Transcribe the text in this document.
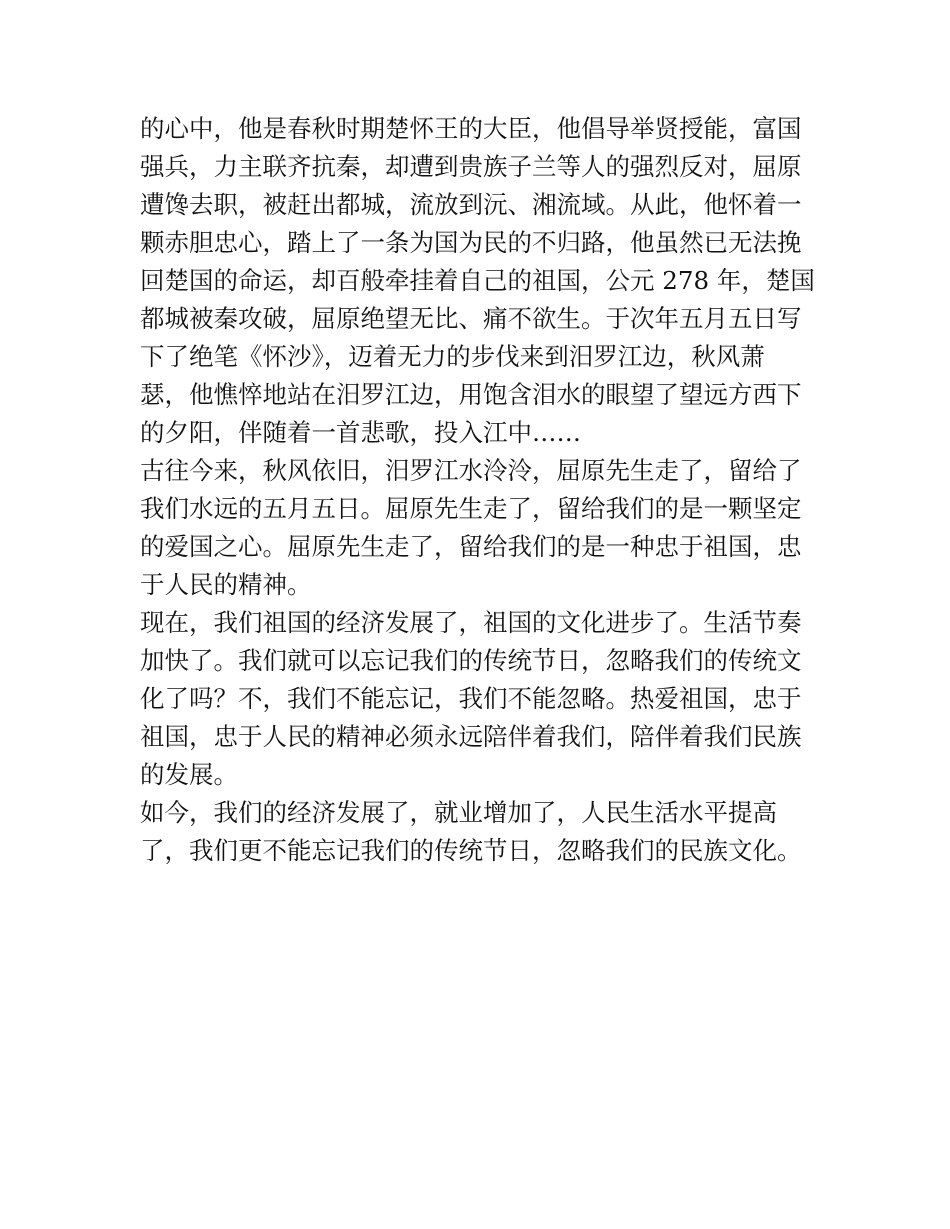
的心中，他是春秋时期楚怀王的大臣，他倡导举贤授能，富国
强兵，力主联齐抗秦，却遭到贵族子兰等人的强烈反对，屈原
遭馋去职，被赶出都城，流放到沅、湘流域。从此，他怀着一
颗赤胆忠心，踏上了一条为国为民的不归路，他虽然已无法挽
回楚国的命运，却百般牵挂着自己的祖国，公元 278 年，楚国
都城被秦攻破，屈原绝望无比、痛不欲生。于次年五月五日写
下了绝笔《怀沙》，迈着无力的步伐来到汨罗江边，秋风萧
瑟，他憔悴地站在汨罗江边，用饱含泪水的眼望了望远方西下
的夕阳，伴随着一首悲歌，投入江中……
古往今来，秋风依旧，汨罗江水泠泠，屈原先生走了，留给了
我们水远的五月五日。屈原先生走了，留给我们的是一颗坚定
的爱国之心。屈原先生走了，留给我们的是一种忠于祖国，忠
于人民的精神。
现在，我们祖国的经济发展了，祖国的文化进步了。生活节奏
加快了。我们就可以忘记我们的传统节日，忽略我们的传统文
化了吗？不，我们不能忘记，我们不能忽略。热爱祖国，忠于
祖国，忠于人民的精神必须永远陪伴着我们，陪伴着我们民族
的发展。
如今，我们的经济发展了，就业增加了，人民生活水平提高
了，我们更不能忘记我们的传统节日，忽略我们的民族文化。
